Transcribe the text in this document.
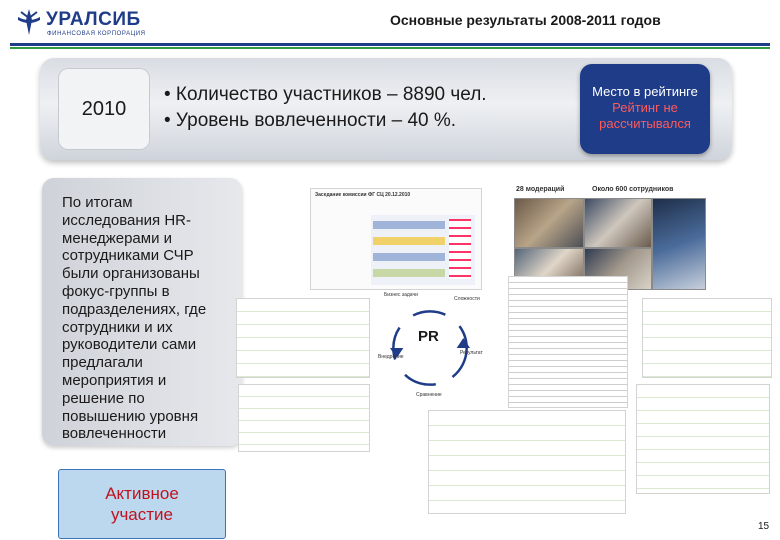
УРАЛСИБ
ФИНАНСОВАЯ КОРПОРАЦИЯ
Основные результаты 2008-2011 годов
2010
• Количество участников – 8890 чел.
• Уровень вовлеченности – 40 %.
Место в рейтинге
Рейтинг не
рассчитывался
По итогам исследования HR-менеджерами и сотрудниками СЧР были организованы фокус-группы в подразделениях, где сотрудники и их руководители сами предлагали мероприятия и решение по повышению уровня вовлеченности
Активное
участие
Заседание комиссии ФГ СЦ 20.12.2010
28 модераций	Около 600 сотрудников
PR
Бизнес задачи
Сложности
Результат
Внедрение
Сравнение
15
